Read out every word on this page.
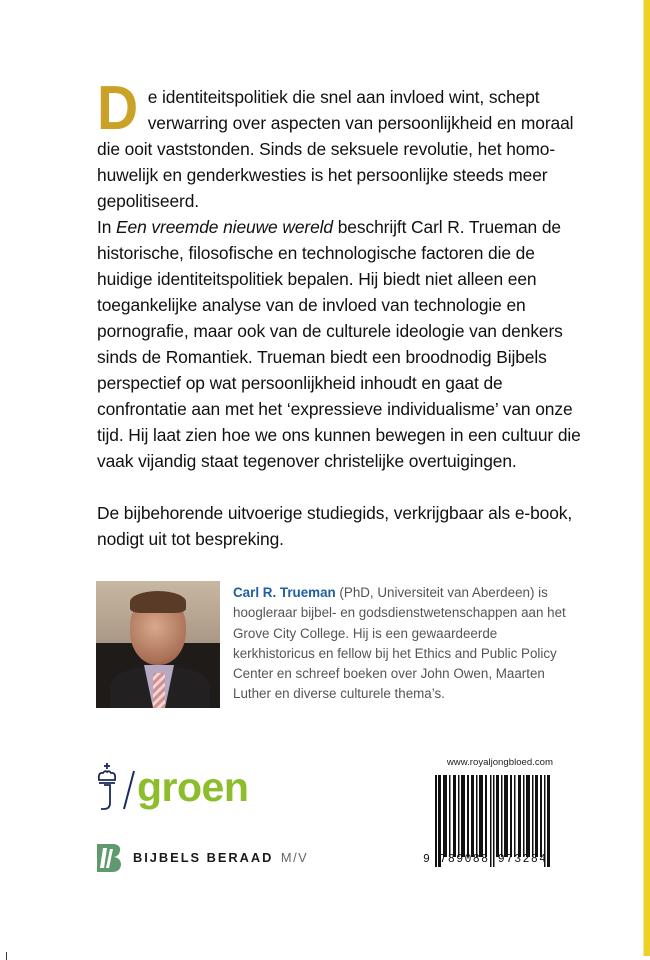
De identiteitspolitiek die snel aan invloed wint, schept verwarring over aspecten van persoonlijkheid en moraal die ooit vaststonden. Sinds de seksuele revolutie, het homo-huwelijk en genderkwesties is het persoonlijke steeds meer gepolitiseerd.

In Een vreemde nieuwe wereld beschrijft Carl R. Trueman de historische, filosofische en technologische factoren die de huidige identiteitspolitiek bepalen. Hij biedt niet alleen een toegankelijke analyse van de invloed van technologie en pornografie, maar ook van de culturele ideologie van denkers sinds de Romantiek. Trueman biedt een broodnodig Bijbels perspectief op wat persoonlijkheid inhoudt en gaat de confrontatie aan met het ‘expressieve individualisme’ van onze tijd. Hij laat zien hoe we ons kunnen bewegen in een cultuur die vaak vijandig staat tegenover christelijke overtuigingen.

De bijbehorende uitvoerige studiegids, verkrijgbaar als e-book, nodigt uit tot bespreking.

Carl R. Trueman (PhD, Universiteit van Aberdeen) is hoogleraar bijbel- en godsdienstwetenschappen aan het Grove City College. Hij is een gewaardeerde kerkhistoricus en fellow bij het Ethics and Public Policy Center en schreef boeken over John Owen, Maarten Luther en diverse culturele thema’s.
groen
BIJBELS BERAAD M/V
www.royaljongbloed.com
9 789088 973284
